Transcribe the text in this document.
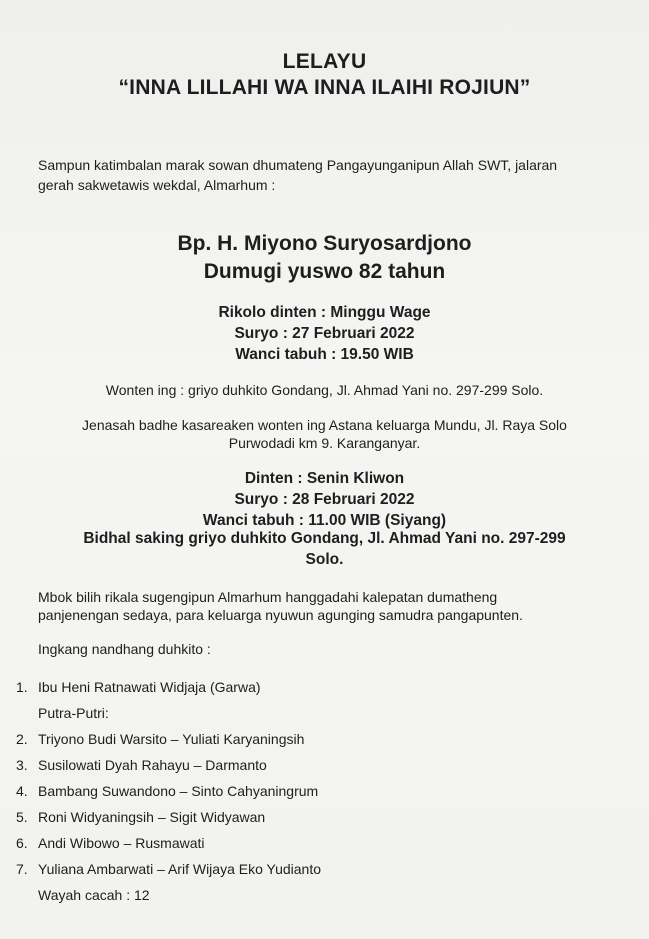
LELAYU
“INNA LILLAHI WA INNA ILAIHI ROJIUN”
Sampun katimbalan marak sowan dhumateng Pangayunganipun Allah SWT, jalaran
gerah sakwetawis wekdal, Almarhum :
Bp. H. Miyono Suryosardjono
Dumugi yuswo 82 tahun
Rikolo dinten : Minggu Wage
Suryo : 27 Februari 2022
Wanci tabuh : 19.50 WIB
Wonten ing : griyo duhkito Gondang, Jl. Ahmad Yani no. 297-299 Solo.
Jenasah badhe kasareaken wonten ing Astana keluarga Mundu, Jl. Raya Solo
Purwodadi km 9. Karanganyar.
Dinten : Senin Kliwon
Suryo : 28 Februari 2022
Wanci tabuh : 11.00 WIB (Siyang)
Bidhal saking griyo duhkito Gondang, Jl. Ahmad Yani no. 297-299
Solo.
Mbok bilih rikala sugengipun Almarhum hanggadahi kalepatan dumatheng
panjenengan sedaya, para keluarga nyuwun agunging samudra pangapunten.
Ingkang nandhang duhkito :
1. Ibu Heni Ratnawati Widjaja (Garwa)
Putra-Putri:
2. Triyono Budi Warsito – Yuliati Karyaningsih
3. Susilowati Dyah Rahayu – Darmanto
4. Bambang Suwandono – Sinto Cahyaningrum
5. Roni Widyaningsih – Sigit Widyawan
6. Andi Wibowo – Rusmawati
7. Yuliana Ambarwati – Arif Wijaya Eko Yudianto
Wayah cacah : 12
